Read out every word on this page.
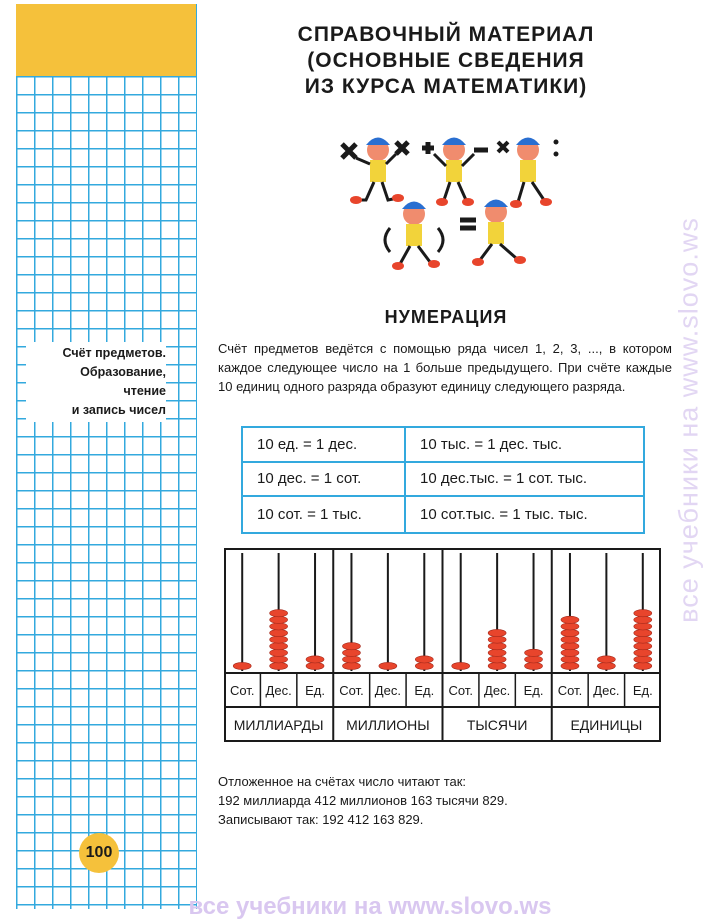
Счёт предметов.
Образование,
чтение
и запись чисел
100
СПРАВОЧНЫЙ МАТЕРИАЛ
(ОСНОВНЫЕ СВЕДЕНИЯ
ИЗ КУРСА МАТЕМАТИКИ)
НУМЕРАЦИЯ
Счёт предметов ведётся с помощью ряда чисел 1, 2, 3, ..., в котором каждое следующее число на 1 больше предыдущего. При счёте каждые 10 единиц одного разряда образуют единицу следующего разряда.
10 ед. = 1 дес.	10 тыс. = 1 дес. тыс.
10 дес. = 1 сот.	10 дес.тыс. = 1 сот. тыс.
10 сот. = 1 тыс.	10 сот.тыс. = 1 тыс. тыс.
Сот. Дес. Ед.
МИЛЛИАРДЫ
Сот. Дес. Ед.
МИЛЛИОНЫ
Сот. Дес. Ед.
ТЫСЯЧИ
Сот. Дес. Ед.
ЕДИНИЦЫ
Отложенное на счётах число читают так:
192 миллиарда 412 миллионов 163 тысячи 829.
Записывают так: 192 412 163 829.
все учебники на www.slovo.ws
все учебники на www.slovo.ws
